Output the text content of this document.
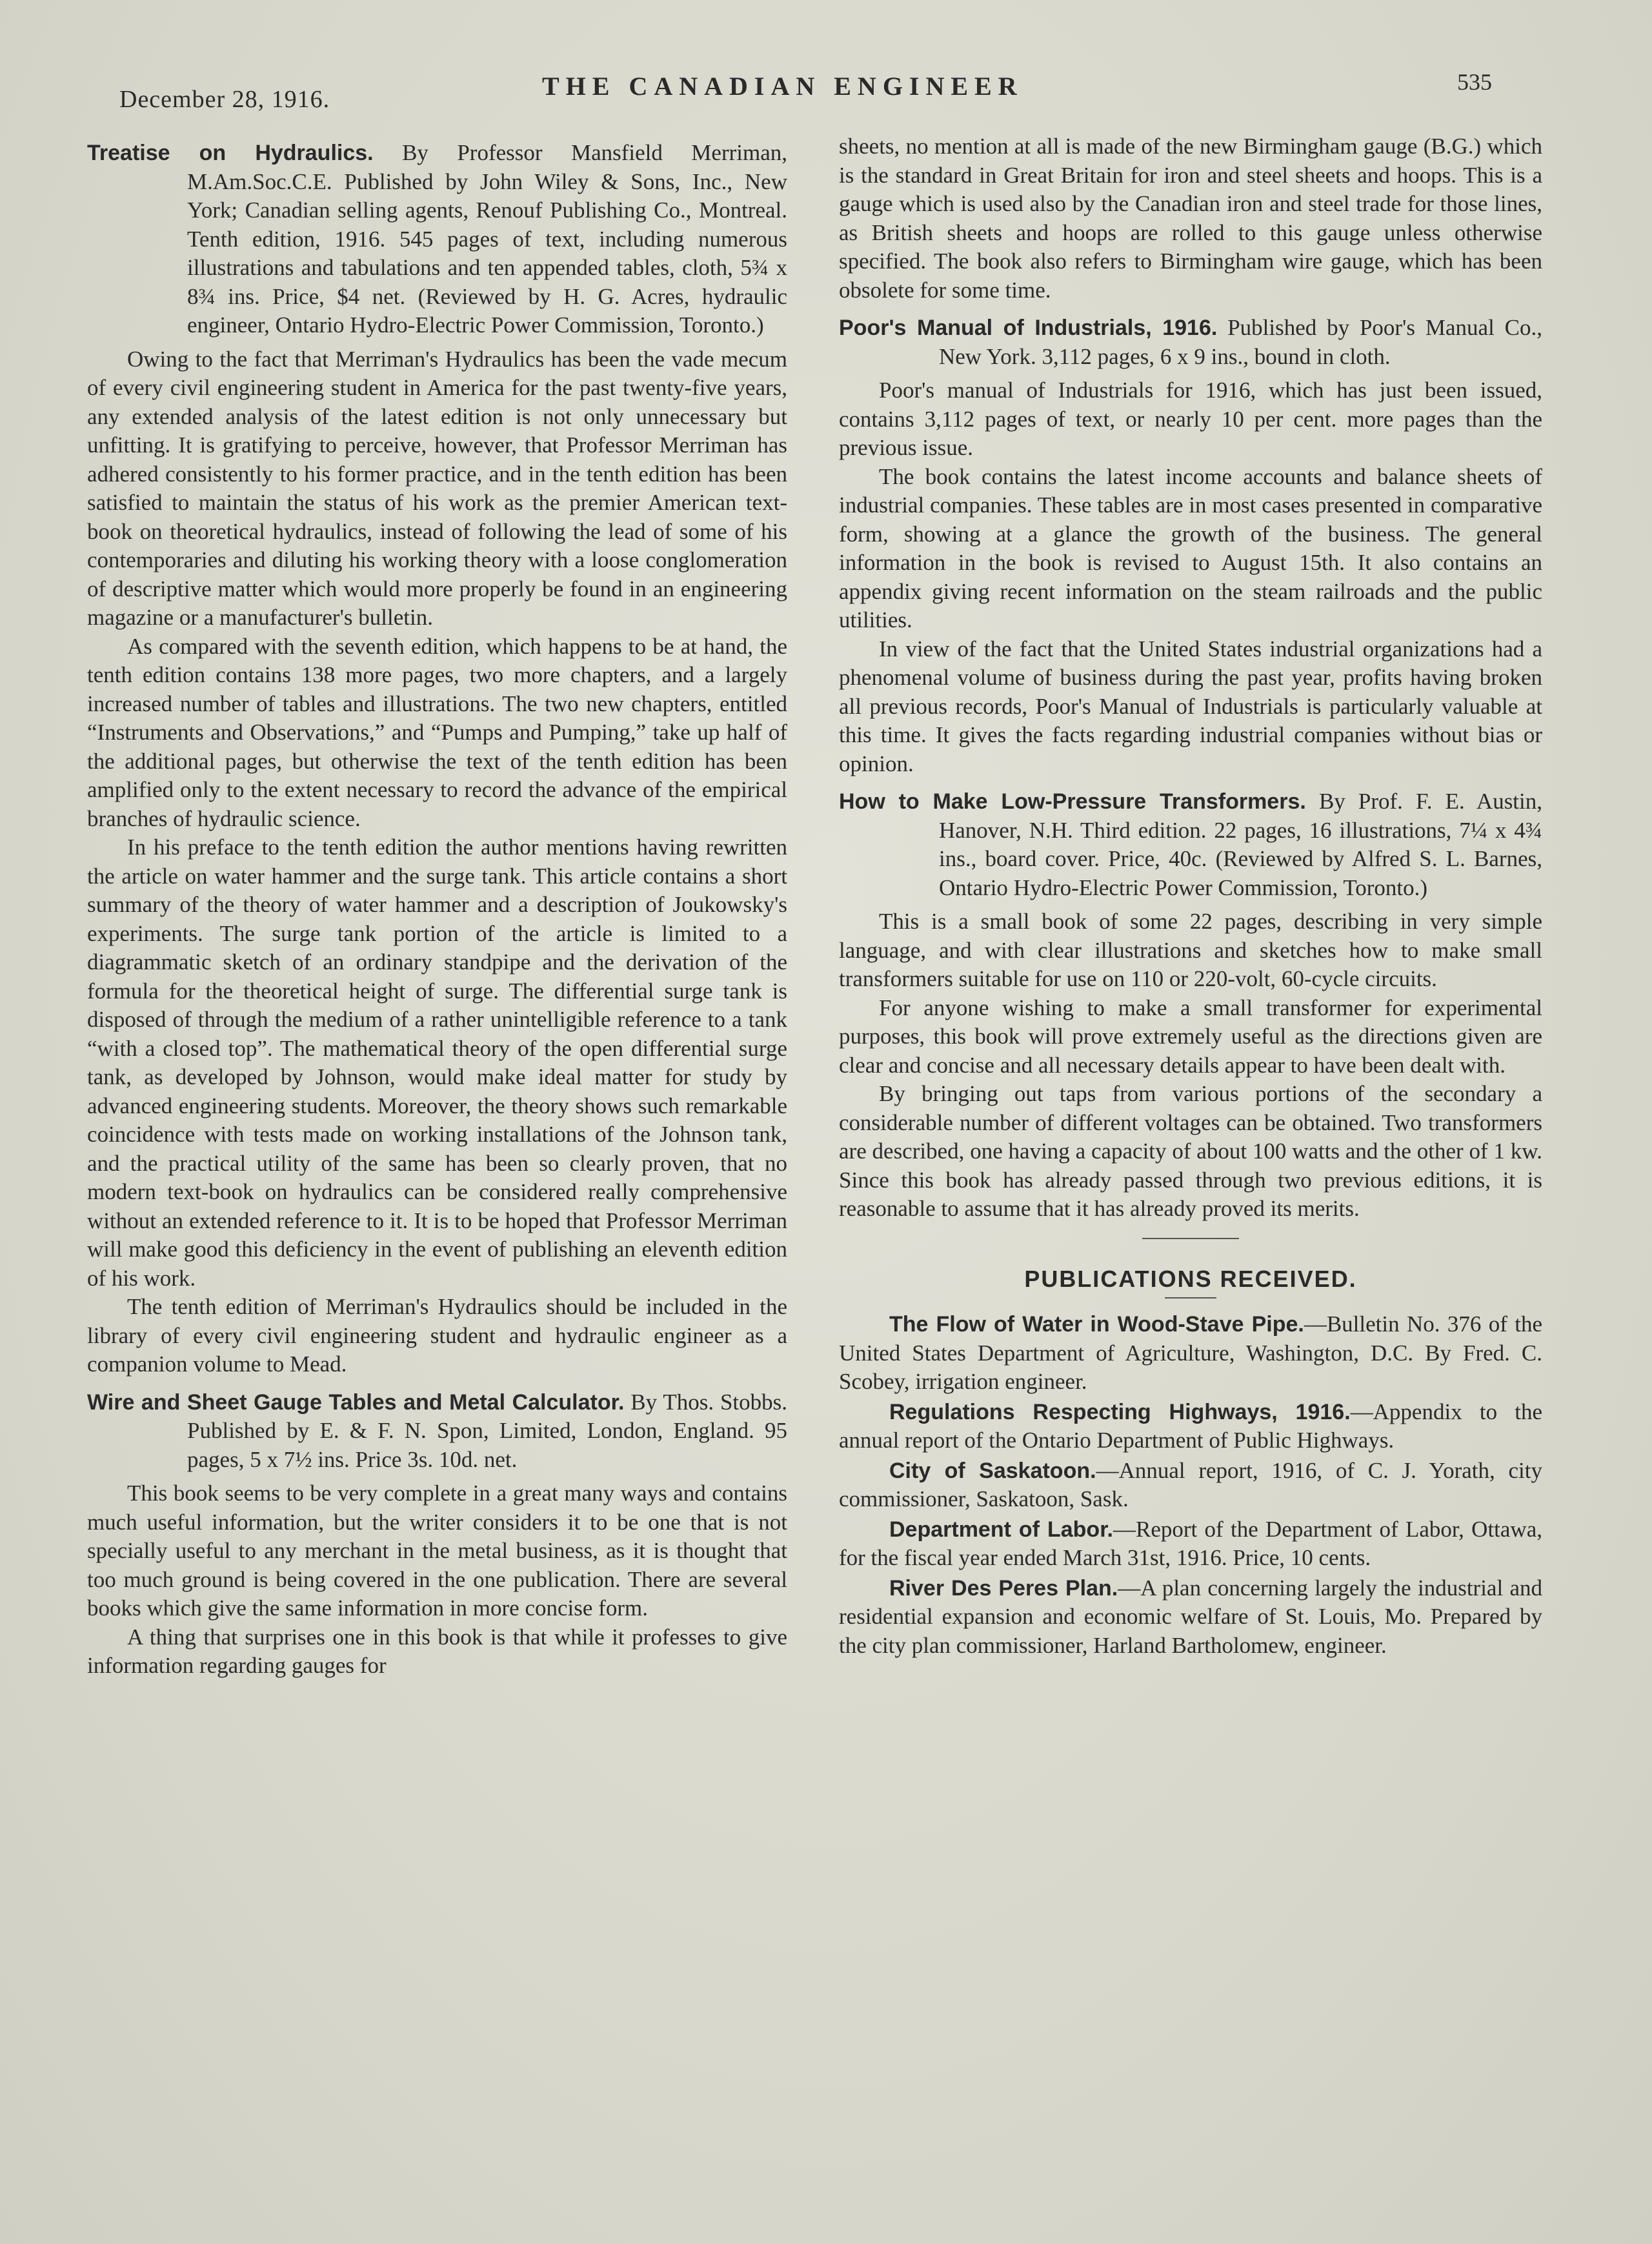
December 28, 1916.	THE CANADIAN ENGINEER	535

Treatise on Hydraulics. By Professor Mansfield Merriman, M.Am.Soc.C.E. Published by John Wiley & Sons, Inc., New York; Canadian selling agents, Renouf Publishing Co., Montreal. Tenth edition, 1916. 545 pages of text, including numerous illustrations and tabulations and ten appended tables, cloth, 5¾ x 8¾ ins. Price, $4 net. (Reviewed by H. G. Acres, hydraulic engineer, Ontario Hydro-Electric Power Commission, Toronto.)

Owing to the fact that Merriman's Hydraulics has been the vade mecum of every civil engineering student in America for the past twenty-five years, any extended analysis of the latest edition is not only unnecessary but unfitting. It is gratifying to perceive, however, that Professor Merriman has adhered consistently to his former practice, and in the tenth edition has been satisfied to maintain the status of his work as the premier American text-book on theoretical hydraulics, instead of following the lead of some of his contemporaries and diluting his working theory with a loose conglomeration of descriptive matter which would more properly be found in an engineering magazine or a manufacturer's bulletin.

As compared with the seventh edition, which happens to be at hand, the tenth edition contains 138 more pages, two more chapters, and a largely increased number of tables and illustrations. The two new chapters, entitled “Instruments and Observations,” and “Pumps and Pumping,” take up half of the additional pages, but otherwise the text of the tenth edition has been amplified only to the extent necessary to record the advance of the empirical branches of hydraulic science.

In his preface to the tenth edition the author mentions having rewritten the article on water hammer and the surge tank. This article contains a short summary of the theory of water hammer and a description of Joukowsky's experiments. The surge tank portion of the article is limited to a diagrammatic sketch of an ordinary standpipe and the derivation of the formula for the theoretical height of surge. The differential surge tank is disposed of through the medium of a rather unintelligible reference to a tank “with a closed top”. The mathematical theory of the open differential surge tank, as developed by Johnson, would make ideal matter for study by advanced engineering students. Moreover, the theory shows such remarkable coincidence with tests made on working installations of the Johnson tank, and the practical utility of the same has been so clearly proven, that no modern text-book on hydraulics can be considered really comprehensive without an extended reference to it. It is to be hoped that Professor Merriman will make good this deficiency in the event of publishing an eleventh edition of his work.

The tenth edition of Merriman's Hydraulics should be included in the library of every civil engineering student and hydraulic engineer as a companion volume to Mead.

Wire and Sheet Gauge Tables and Metal Calculator. By Thos. Stobbs. Published by E. & F. N. Spon, Limited, London, England. 95 pages, 5 x 7½ ins. Price 3s. 10d. net.

This book seems to be very complete in a great many ways and contains much useful information, but the writer considers it to be one that is not specially useful to any merchant in the metal business, as it is thought that too much ground is being covered in the one publication. There are several books which give the same information in more concise form.

A thing that surprises one in this book is that while it professes to give information regarding gauges for

sheets, no mention at all is made of the new Birmingham gauge (B.G.) which is the standard in Great Britain for iron and steel sheets and hoops. This is a gauge which is used also by the Canadian iron and steel trade for those lines, as British sheets and hoops are rolled to this gauge unless otherwise specified. The book also refers to Birmingham wire gauge, which has been obsolete for some time.

Poor's Manual of Industrials, 1916. Published by Poor's Manual Co., New York. 3,112 pages, 6 x 9 ins., bound in cloth.

Poor's manual of Industrials for 1916, which has just been issued, contains 3,112 pages of text, or nearly 10 per cent. more pages than the previous issue.

The book contains the latest income accounts and balance sheets of industrial companies. These tables are in most cases presented in comparative form, showing at a glance the growth of the business. The general information in the book is revised to August 15th. It also contains an appendix giving recent information on the steam railroads and the public utilities.

In view of the fact that the United States industrial organizations had a phenomenal volume of business during the past year, profits having broken all previous records, Poor's Manual of Industrials is particularly valuable at this time. It gives the facts regarding industrial companies without bias or opinion.

How to Make Low-Pressure Transformers. By Prof. F. E. Austin, Hanover, N.H. Third edition. 22 pages, 16 illustrations, 7¼ x 4¾ ins., board cover. Price, 40c. (Reviewed by Alfred S. L. Barnes, Ontario Hydro-Electric Power Commission, Toronto.)

This is a small book of some 22 pages, describing in very simple language, and with clear illustrations and sketches how to make small transformers suitable for use on 110 or 220-volt, 60-cycle circuits.

For anyone wishing to make a small transformer for experimental purposes, this book will prove extremely useful as the directions given are clear and concise and all necessary details appear to have been dealt with.

By bringing out taps from various portions of the secondary a considerable number of different voltages can be obtained. Two transformers are described, one having a capacity of about 100 watts and the other of 1 kw. Since this book has already passed through two previous editions, it is reasonable to assume that it has already proved its merits.

PUBLICATIONS RECEIVED.

The Flow of Water in Wood-Stave Pipe.—Bulletin No. 376 of the United States Department of Agriculture, Washington, D.C. By Fred. C. Scobey, irrigation engineer.

Regulations Respecting Highways, 1916.—Appendix to the annual report of the Ontario Department of Public Highways.

City of Saskatoon.—Annual report, 1916, of C. J. Yorath, city commissioner, Saskatoon, Sask.

Department of Labor.—Report of the Department of Labor, Ottawa, for the fiscal year ended March 31st, 1916. Price, 10 cents.

River Des Peres Plan.—A plan concerning largely the industrial and residential expansion and economic welfare of St. Louis, Mo. Prepared by the city plan commissioner, Harland Bartholomew, engineer.
